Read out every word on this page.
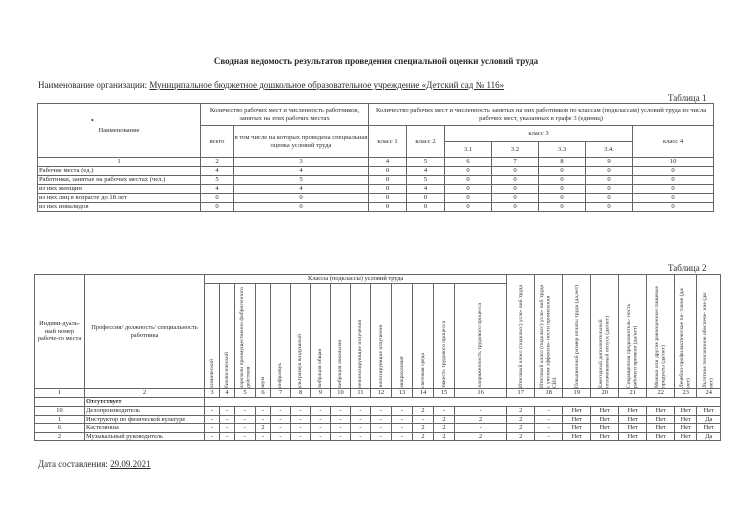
Сводная ведомость результатов проведения специальной оценки условий труда
Наименование организации: Муниципальное бюджетное дошкольное образовательное учреждение «Детский сад № 116»
Таблица 1
•
Наименование	Количество рабочих мест и численность работников, занятых на этих рабочих местах		Количество рабочих мест и численность занятых на них работников по классам (подклассам) условий труда из числа рабочих мест, указанных в графе 3 (единиц)						
	всего	в том числе на которых проведена специальная оценка условий труда	класс 1	класс 2	класс 3				класс 4
					3.1	3.2	3.3	3.4.	
1	2	3	4	5	6	7	8	9	10
Рабочие места (ед.)	4	4	0	4	0	0	0	0	0
Работники, занятые на рабочих местах (чел.)	5	5	0	5	0	0	0	0	0
из них женщин	4	4	0	4	0	0	0	0	0
из них лиц в возрасте до 18 лет	0	0	0	0	0	0	0	0	0
из них инвалидов	0	0	0	0	0	0	0	0	0
Таблица 2
Индиви-дуаль-ный номер рабоче-го места	Профессия/ должность/ специальность работника	Классы (подклассы) условий труда														Итоговый класс (подкласс) усло- вий труда	Итоговый класс (подкласс) усло- вий труда с учетом эффектив- ности применения СИЗ	Повышенный размер оплаты труда (да,нет)	Ежегодный дополнительный оплачиваемый отпуск (да/нет)	Сокращенная продолжитель- ность рабочего времени (да/нет)	Молоко или другие равноценные пищевые продукты (да/нет)	Лечебно-профилактическое пи- тание (да/нет)	Льготное пенсионное обеспече- ние (да/нет)

		химический	биологический	аэрозоли преимущественно фиброгенного действия	шум	инфразвук	ультразвук воздушный	вибрация общая	вибрация локальная	неионизирующие излучения	ионизирующие излучения	микроклимат	световая среда	тяжесть трудового процесса	напряженность трудового процесса								

1	2	3	4	5	6	7	8	9	10	11	12	13	14	15	16	17	18	19	20	21	22	23	24
	Отсутствует																						
10	Делопроизводитель	-	-	-	-	-	-	-	-	-	-	-	2	-	-	2	-	Нет	Нет	Нет	Нет	Нет	Нет
1	Инструктор по физической культуре	-	-	-	-	-	-	-	-	-	-	-	-	2	2	2	-	Нет	Нет	Нет	Нет	Нет	Да
6	Кастелянша	-	-	-	2	-	-	-	-	-	-	-	2	2	-	2	-	Нет	Нет	Нет	Нет	Нет	Нет
2	Музыкальный руководитель	-	-	-	-	-	-	-	-	-	-	-	2	2	2	2	-	Нет	Нет	Нет	Нет	Нет	Да
Дата составления: 29.09.2021
